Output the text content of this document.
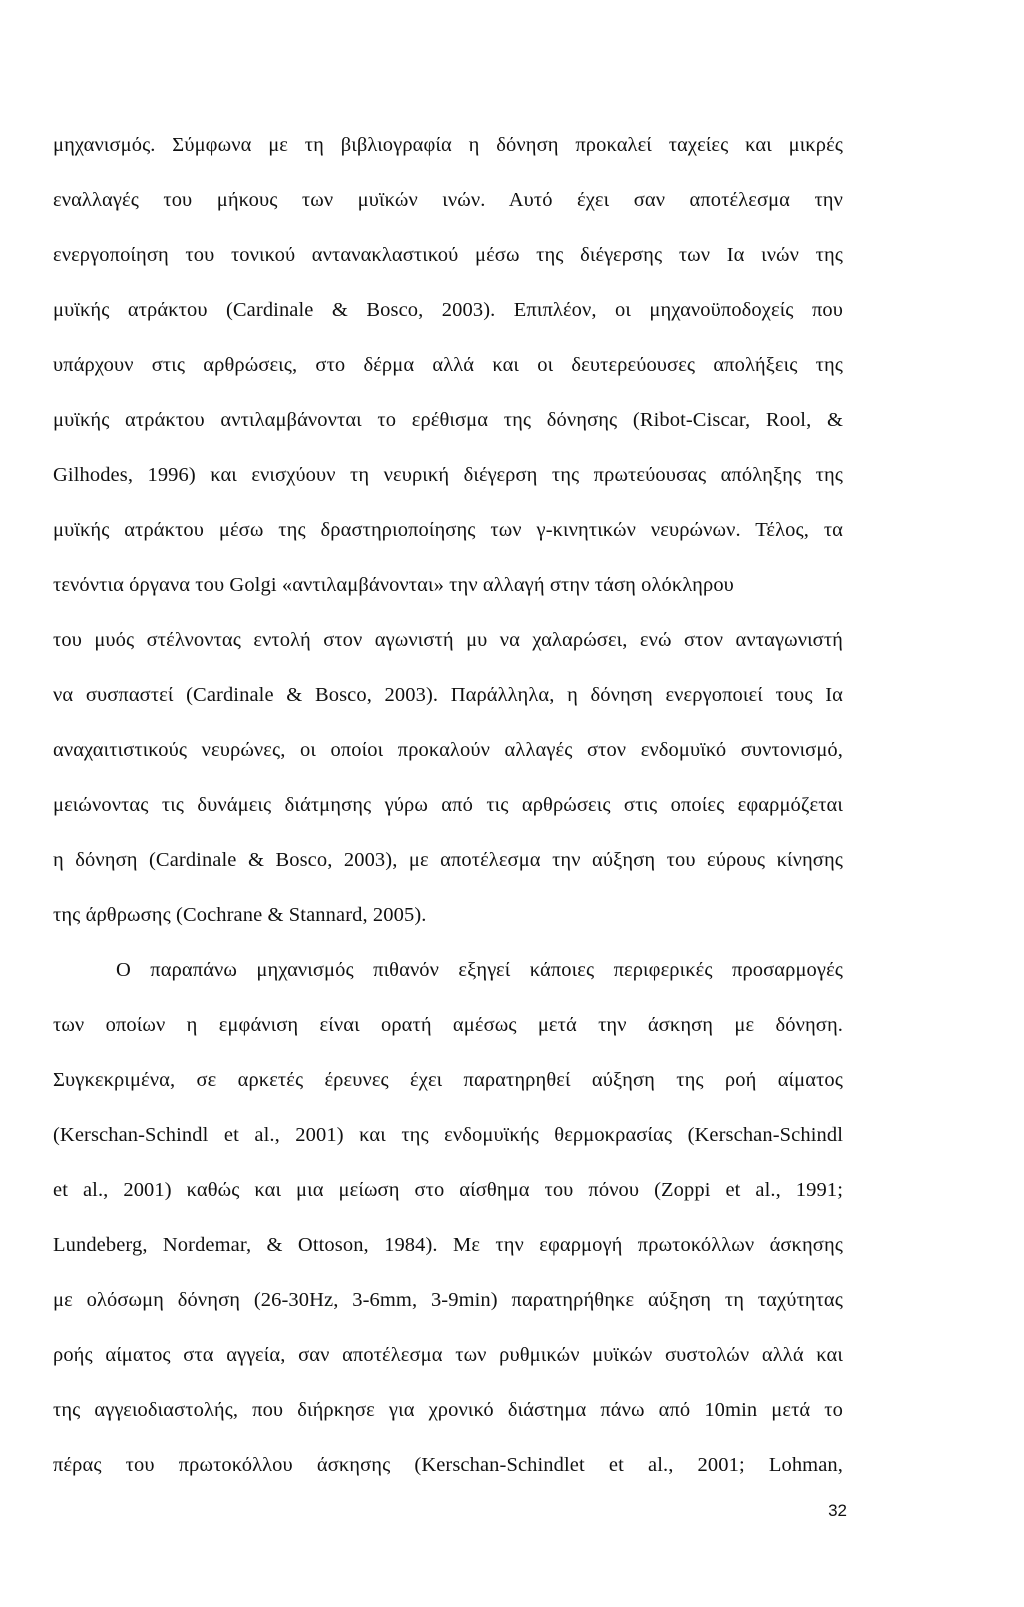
μηχανισμός. Σύμφωνα με τη βιβλιογραφία η δόνηση προκαλεί ταχείες και μικρές
εναλλαγές του μήκους των μυϊκών ινών. Αυτό έχει σαν αποτέλεσμα την
ενεργοποίηση του τονικού αντανακλαστικού μέσω της διέγερσης των Ια ινών της
μυϊκής ατράκτου (Cardinale & Bosco, 2003). Επιπλέον, οι μηχανοϋποδοχείς που
υπάρχουν στις αρθρώσεις, στο δέρμα αλλά και οι δευτερεύουσες απολήξεις της
μυϊκής ατράκτου αντιλαμβάνονται το ερέθισμα της δόνησης (Ribot-Ciscar, Rool, &
Gilhodes, 1996) και ενισχύουν τη νευρική διέγερση της πρωτεύουσας απόληξης της
μυϊκής ατράκτου μέσω της δραστηριοποίησης των γ-κινητικών νευρώνων. Τέλος, τα
τενόντια όργανα του Golgi «αντιλαμβάνονται» την αλλαγή στην τάση ολόκληρου
του μυός στέλνοντας εντολή στον αγωνιστή μυ να χαλαρώσει, ενώ στον ανταγωνιστή
να συσπαστεί (Cardinale & Bosco, 2003). Παράλληλα, η δόνηση ενεργοποιεί τους Ια
αναχαιτιστικούς νευρώνες, οι οποίοι προκαλούν αλλαγές στον ενδομυϊκό συντονισμό,
μειώνοντας τις δυνάμεις διάτμησης γύρω από τις αρθρώσεις στις οποίες εφαρμόζεται
η δόνηση (Cardinale & Bosco, 2003), με αποτέλεσμα την αύξηση του εύρους κίνησης
της άρθρωσης (Cochrane & Stannard, 2005).
Ο παραπάνω μηχανισμός πιθανόν εξηγεί κάποιες περιφερικές προσαρμογές
των οποίων η εμφάνιση είναι ορατή αμέσως μετά την άσκηση με δόνηση.
Συγκεκριμένα, σε αρκετές έρευνες έχει παρατηρηθεί αύξηση της ροή αίματος
(Kerschan-Schindl et al., 2001) και της ενδομυϊκής θερμοκρασίας (Kerschan-Schindl
et al., 2001) καθώς και μια μείωση στο αίσθημα του πόνου (Zoppi et al., 1991;
Lundeberg, Nordemar, & Ottoson, 1984). Με την εφαρμογή πρωτοκόλλων άσκησης
με ολόσωμη δόνηση (26-30Hz, 3-6mm, 3-9min) παρατηρήθηκε αύξηση τη ταχύτητας
ροής αίματος στα αγγεία, σαν αποτέλεσμα των ρυθμικών μυϊκών συστολών αλλά και
της αγγειοδιαστολής, που διήρκησε για χρονικό διάστημα πάνω από 10min μετά το
πέρας του πρωτοκόλλου άσκησης (Kerschan-Schindlet et al., 2001; Lohman,
32
